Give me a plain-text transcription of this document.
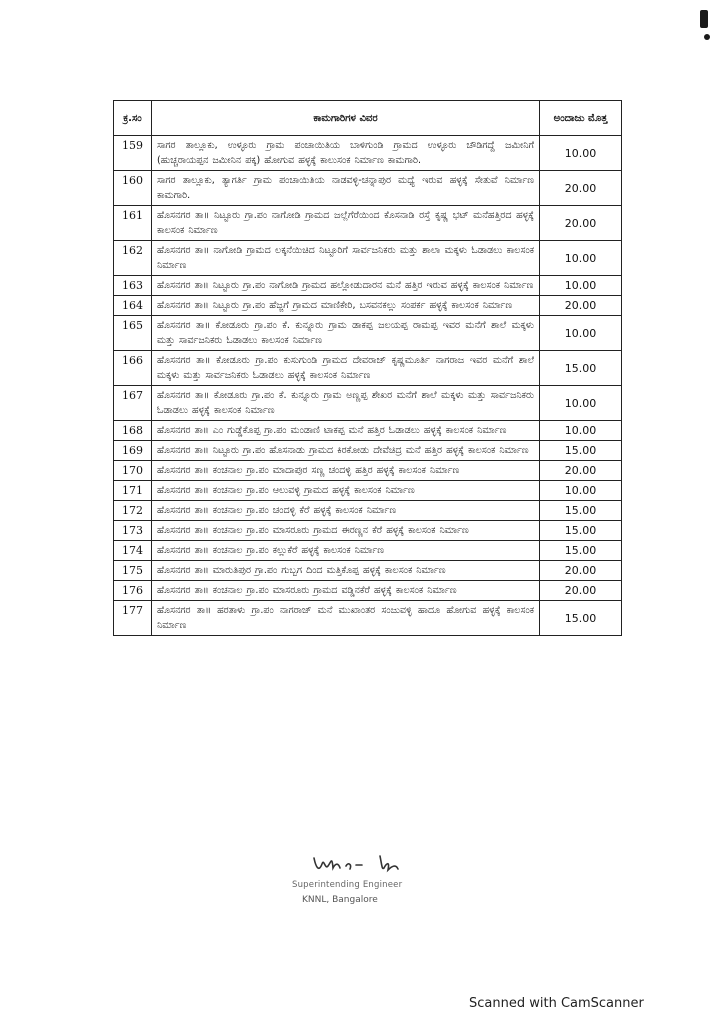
ಕ್ರ.ಸಂ	ಕಾಮಗಾರಿಗಳ ವಿವರ	ಅಂದಾಜು ಮೊತ್ತ
159	ಸಾಗರ ತಾಲ್ಲೂಕು, ಉಳ್ಳೂರು ಗ್ರಾಮ ಪಂಚಾಯಿತಿಯ ಬಾಳಿಗುಂಡಿ ಗ್ರಾಮದ ಉಳ್ಳೂರು ಚೌಡಿಗದ್ದೆ ಜಮೀನಿಗೆ (ಹುಚ್ಚರಾಯಪ್ಪನ ಜಮೀನಿನ ಪಕ್ಕ) ಹೋಗುವ ಹಳ್ಳಕ್ಕೆ ಕಾಲುಸಂಕ ನಿರ್ಮಾಣ ಕಾಮಗಾರಿ.	10.00
160	ಸಾಗರ ತಾಲ್ಲೂಕು, ತ್ಯಾಗರ್ತಿ ಗ್ರಾಮ ಪಂಚಾಯಿತಿಯ ನಾಡವಳ್ಳಿ-ಚನ್ನಾಪುರ ಮಧ್ಯೆ ಇರುವ ಹಳ್ಳಕ್ಕೆ ಸೇತುವೆ ನಿರ್ಮಾಣ ಕಾಮಗಾರಿ.	20.00
161	ಹೊಸನಗರ ತಾ॥ ನಿಟ್ಟೂರು ಗ್ರಾ.ಪಂ ನಾಗೋಡಿ ಗ್ರಾಮದ ಜಲ್ಲೆಗೆರೆಯಿಂದ ಕೊಸನಾಡಿ ರಸ್ತೆ ಕೃಷ್ಣ ಭಟ್ ಮನೆಹತ್ತಿರದ ಹಳ್ಳಕ್ಕೆ ಕಾಲಸಂಕ ನಿರ್ಮಾಣ	20.00
162	ಹೊಸನಗರ ತಾ॥ ನಾಗೋಡಿ ಗ್ರಾಮದ ಲಕ್ಕನೆಯಿಚಿದ ನಿಟ್ಟೂರಿಗೆ ಸಾರ್ವಜನಿಕರು ಮತ್ತು ಶಾಲಾ ಮಕ್ಕಳು ಓಡಾಡಲು ಕಾಲಸಂಕ ನಿರ್ಮಾಣ	10.00
163	ಹೊಸನಗರ ತಾ॥ ನಿಟ್ಟೂರು ಗ್ರಾ.ಪಂ ನಾಗೋಡಿ ಗ್ರಾಮದ ಹಲ್ಲೋಡುದಾರನ ಮನೆ ಹತ್ತಿರ ಇರುವ ಹಳ್ಳಕ್ಕೆ ಕಾಲಸಂಕ ನಿರ್ಮಾಣ	10.00
164	ಹೊಸನಗರ ತಾ॥ ನಿಟ್ಟೂರು ಗ್ರಾ.ಪಂ ಹೆಜ್ಜಗೆ ಗ್ರಾಮದ ಮಾಣಿಕೇರಿ, ಬಸವನಕಲ್ಲು ಸಂಪರ್ಕ ಹಳ್ಳಕ್ಕೆ ಕಾಲಸಂಕ ನಿರ್ಮಾಣ	20.00
165	ಹೊಸನಗರ ತಾ॥ ಕೋಡೂರು ಗ್ರಾ.ಪಂ ಕೆ. ಕುನ್ನೂರು ಗ್ರಾಮ ಡಾಕಪ್ಪ ಜಲಯಪ್ಪ ರಾಮಪ್ಪ ಇವರ ಮನೆಗೆ ಶಾಲೆ ಮಕ್ಕಳು ಮತ್ತು ಸಾರ್ವಜನಿಕರು ಓಡಾಡಲು ಕಾಲಸಂಕ ನಿರ್ಮಾಣ	10.00
166	ಹೊಸನಗರ ತಾ॥ ಕೋಡೂರು ಗ್ರಾ.ಪಂ ಕುಸುಗುಂಡಿ ಗ್ರಾಮದ ದೇವರಾಜ್ ಕೃಷ್ಣಮೂರ್ತಿ ನಾಗರಾಜ ಇವರ ಮನೆಗೆ ಶಾಲೆ ಮಕ್ಕಳು ಮತ್ತು ಸಾರ್ವಜನಿಕರು ಓಡಾಡಲು ಹಳ್ಳಕ್ಕೆ ಕಾಲಸಂಕ ನಿರ್ಮಾಣ	15.00
167	ಹೊಸನಗರ ತಾ॥ ಕೋಡೂರು ಗ್ರಾ.ಪಂ ಕೆ. ಕುನ್ನೂರು ಗ್ರಾಮ ಅಣ್ಣಪ್ಪ ಶೇಖರ ಮನೆಗೆ ಶಾಲೆ ಮಕ್ಕಳು ಮತ್ತು ಸಾರ್ವಜನಿಕರು ಓಡಾಡಲು ಹಳ್ಳಕ್ಕೆ ಕಾಲಸಂಕ ನಿರ್ಮಾಣ	10.00
168	ಹೊಸನಗರ ತಾ॥ ಎಂ ಗುಡ್ಡೆಕೊಪ್ಪ ಗ್ರಾ.ಪಂ ಮಂಡಾಣಿ ಟಾಕಪ್ಪ ಮನೆ ಹತ್ತಿರ ಓಡಾಡಲು ಹಳ್ಳಕ್ಕೆ ಕಾಲಸಂಕ ನಿರ್ಮಾಣ	10.00
169	ಹೊಸನಗರ ತಾ॥ ನಿಟ್ಟೂರು ಗ್ರಾ.ಪಂ ಹೊಸನಾಡು ಗ್ರಾಮದ ಕಿರಕೋಡು ದೇವೆಚಿದ್ರ ಮನೆ ಹತ್ತಿರ ಹಳ್ಳಕ್ಕೆ ಕಾಲಸಂಕ ನಿರ್ಮಾಣ	15.00
170	ಹೊಸನಗರ ತಾ॥ ಕಂಚನಾಲ ಗ್ರಾ.ಪಂ ಮಾದಾಪುರ ಸಣ್ಣ ಚಂದಳ್ಳಿ ಹತ್ತಿರ ಹಳ್ಳಕ್ಕೆ ಕಾಲಸಂಕ ನಿರ್ಮಾಣ	20.00
171	ಹೊಸನಗರ ತಾ॥ ಕಂಚನಾಲ ಗ್ರಾ.ಪಂ ಆಲುವಳ್ಳಿ ಗ್ರಾಮದ ಹಳ್ಳಕ್ಕೆ ಕಾಲಸಂಕ ನಿರ್ಮಾಣ	10.00
172	ಹೊಸನಗರ ತಾ॥ ಕಂಚನಾಲ ಗ್ರಾ.ಪಂ ಚಂದಳ್ಳಿ ಕೆರೆ ಹಳ್ಳಕ್ಕೆ ಕಾಲಸಂಕ ನಿರ್ಮಾಣ	15.00
173	ಹೊಸನಗರ ತಾ॥ ಕಂಚನಾಲ ಗ್ರಾ.ಪಂ ಮಾಸರೂರು ಗ್ರಾಮದ ಈರಣ್ಣನ ಕೆರೆ ಹಳ್ಳಕ್ಕೆ ಕಾಲಸಂಕ ನಿರ್ಮಾಣ	15.00
174	ಹೊಸನಗರ ತಾ॥ ಕಂಚನಾಲ ಗ್ರಾ.ಪಂ ಕಲ್ಲುಕೆರೆ ಹಳ್ಳಕ್ಕೆ ಕಾಲಸಂಕ ನಿರ್ಮಾಣ	15.00
175	ಹೊಸನಗರ ತಾ॥ ಮಾರುತಿಪುರ ಗ್ರಾ.ಪಂ ಗುಬ್ಬಗ ದಿಂದ ಮತ್ತಿಕೊಪ್ಪ ಹಳ್ಳಕ್ಕೆ ಕಾಲಸಂಕ ನಿರ್ಮಾಣ	20.00
176	ಹೊಸನಗರ ತಾ॥ ಕಂಚನಾಲ ಗ್ರಾ.ಪಂ ಮಾಸರೂರು ಗ್ರಾಮದ ವಡ್ಡಿನಕೆರೆ ಹಳ್ಳಕ್ಕೆ ಕಾಲಸಂಕ ನಿರ್ಮಾಣ	20.00
177	ಹೊಸನಗರ ತಾ॥ ಹರತಾಳು ಗ್ರಾ.ಪಂ ನಾಗರಾಜ್ ಮನೆ ಮುಖಾಂತರ ಸಂಜುವಳ್ಳಿ ಹಾದೂ ಹೋಗುವ ಹಳ್ಳಕ್ಕೆ ಕಾಲಸಂಕ ನಿರ್ಮಾಣ	15.00
Superintending Engineer
KNNL, Bangalore
Scanned with CamScanner
